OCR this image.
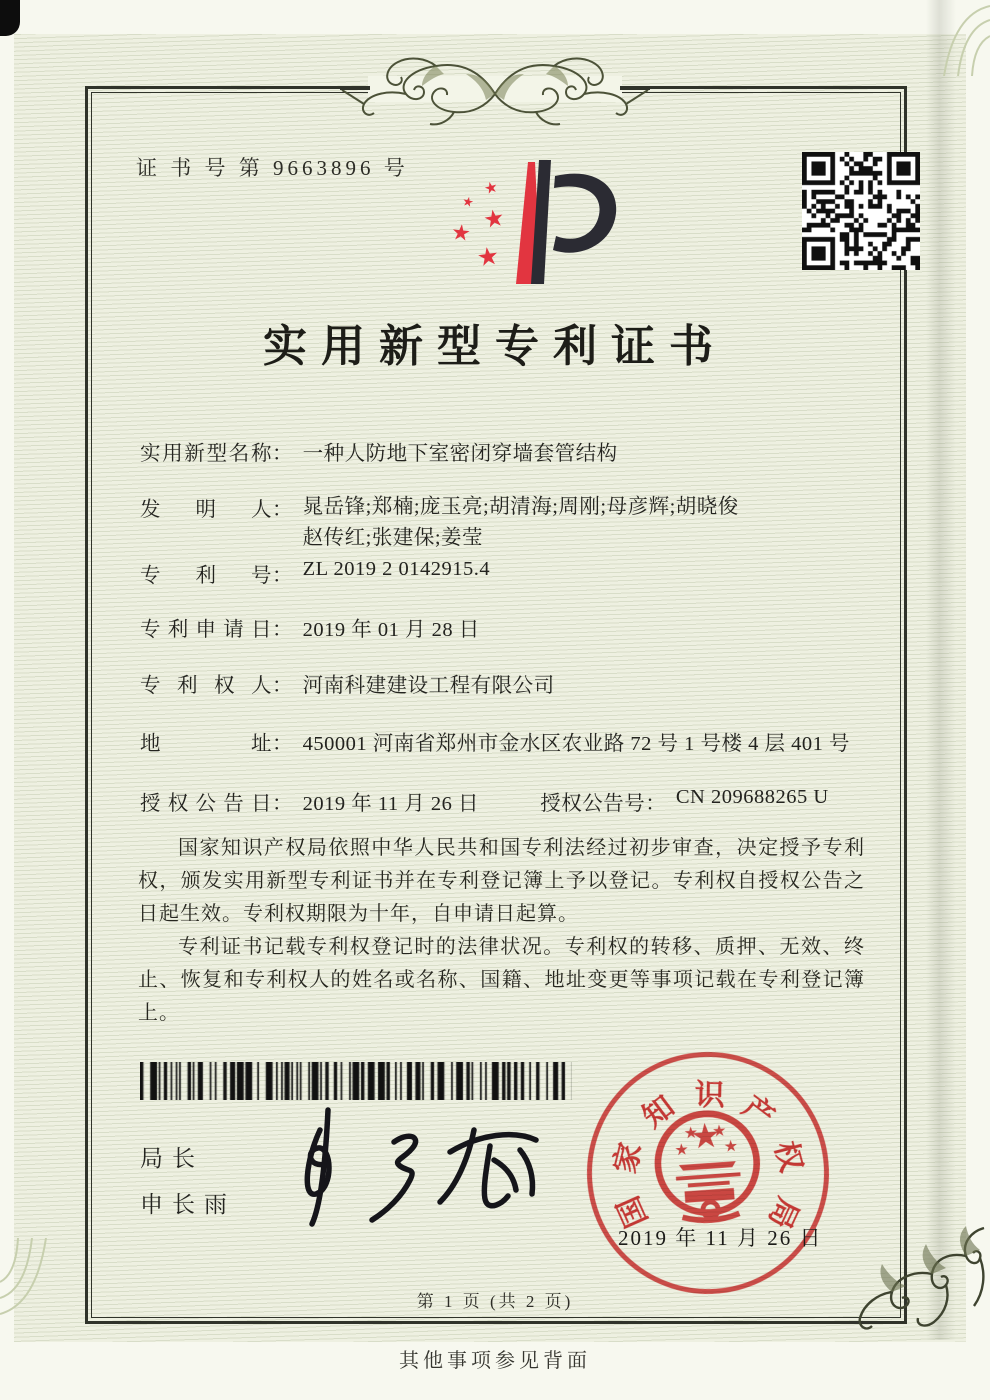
证 书 号 第 9663896 号
实用新型专利证书
实用新型名称： 一种人防地下室密闭穿墙套管结构
发明人： 晁岳锋;郑楠;庞玉亮;胡清海;周刚;母彦辉;胡晓俊
赵传红;张建保;姜莹
专利号： ZL 2019 2 0142915.4
专利申请日： 2019 年 01 月 28 日
专利权人： 河南科建建设工程有限公司
地址： 450001 河南省郑州市金水区农业路 72 号 1 号楼 4 层 401 号
授权公告日： 2019 年 11 月 26 日	授权公告号： CN 209688265 U

国家知识产权局依照中华人民共和国专利法经过初步审查，决定授予专利权，颁发实用新型专利证书并在专利登记簿上予以登记。专利权自授权公告之日起生效。专利权期限为十年，自申请日起算。

专利证书记载专利权登记时的法律状况。专利权的转移、质押、无效、终止、恢复和专利权人的姓名或名称、国籍、地址变更等事项记载在专利登记簿上。

局长
申长雨	国
家
知 识 产
权
局
2019 年 11 月 26 日
第 1 页 (共 2 页)
其他事项参见背面
